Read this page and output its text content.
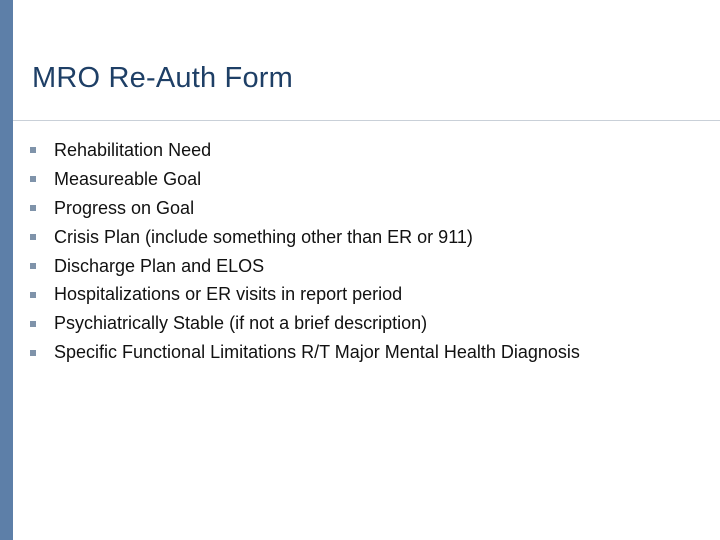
MRO Re-Auth Form
Rehabilitation Need
Measureable Goal
Progress on Goal
Crisis Plan (include something other than ER or 911)
Discharge Plan and ELOS
Hospitalizations or ER visits in report period
Psychiatrically Stable (if not a brief description)
Specific Functional Limitations R/T Major Mental Health Diagnosis
